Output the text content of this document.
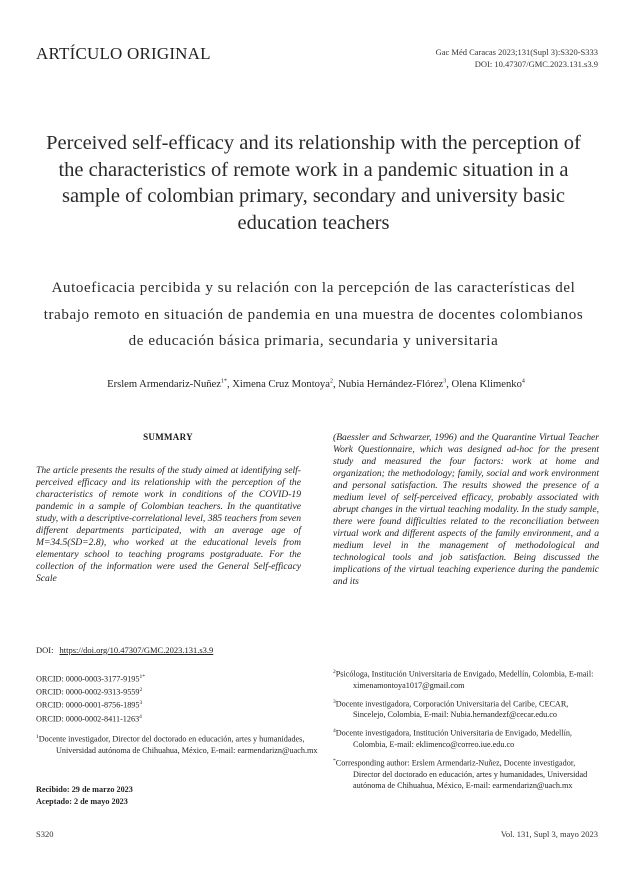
ARTÍCULO ORIGINAL	Gac Méd Caracas 2023;131(Supl 3):S320-S333
DOI: 10.47307/GMC.2023.131.s3.9
Perceived self-efficacy and its relationship with the perception of the characteristics of remote work in a pandemic situation in a sample of colombian primary, secondary and university basic education teachers
Autoeficacia percibida y su relación con la percepción de las características del trabajo remoto en situación de pandemia en una muestra de docentes colombianos de educación básica primaria, secundaria y universitaria
Erslem Armendariz-Nuñez$^{1*}$, Ximena Cruz Montoya$^2$, Nubia Hernández-Flórez$^3$, Olena Klimenko$^4$
SUMMARY
The article presents the results of the study aimed at identifying self-perceived efficacy and its relationship with the perception of the characteristics of remote work in conditions of the COVID-19 pandemic in a sample of Colombian teachers. In the quantitative study, with a descriptive-correlational level, 385 teachers from seven different departments participated, with an average age of M=34.5(SD=2.8), who worked at the educational levels from elementary school to teaching programs postgraduate. For the collection of the information were used the General Self-efficacy Scale
(Baessler and Schwarzer, 1996) and the Quarantine Virtual Teacher Work Questionnaire, which was designed ad-hoc for the present study and measured the four factors: work at home and organization; the methodology; family, social and work environment and personal satisfaction. The results showed the presence of a medium level of self-perceived efficacy, probably associated with abrupt changes in the virtual teaching modality. In the study sample, there were found difficulties related to the reconciliation between virtual work and different aspects of the family environment, and a medium level in the management of methodological and technological tools and job satisfaction. Being discussed the implications of the virtual teaching experience during the pandemic and its
DOI: https://doi.org/10.47307/GMC.2023.131.s3.9
ORCID: $0000-0003-3177-9195^{1*}$
ORCID: 0000-0002-9313-9559$^2$
ORCID: 0000-0001-8756-1895$^3$
ORCID: 0000-0002-8411-1263$^4$
$^1$Docente investigador, Director del doctorado en educación, artes y humanidades, Universidad autónoma de Chihuahua, México, E-mail: earmendarizn@uach.mx
Recibido: 29 de marzo 2023
Aceptado: 2 de mayo 2023
$^2$Psicóloga, Institución Universitaria de Envigado, Medellín, Colombia, E-mail: ximenamontoya1017@gmail.com
$^3$Docente investigadora, Corporación Universitaria del Caribe, CECAR, Sincelejo, Colombia, E-mail: Nubia.hernandezf@cecar.edu.co
$^4$Docente investigadora, Institución Universitaria de Envigado, Medellín, Colombia, E-mail: eklimenco@correo.iue.edu.co
*Corresponding author: Erslem Armendariz-Nuñez, Docente investigador, Director del doctorado en educación, artes y humanidades, Universidad autónoma de Chihuahua, México, E-mail: earmendarizn@uach.mx
S320	Vol. 131, Supl 3, mayo 2023
